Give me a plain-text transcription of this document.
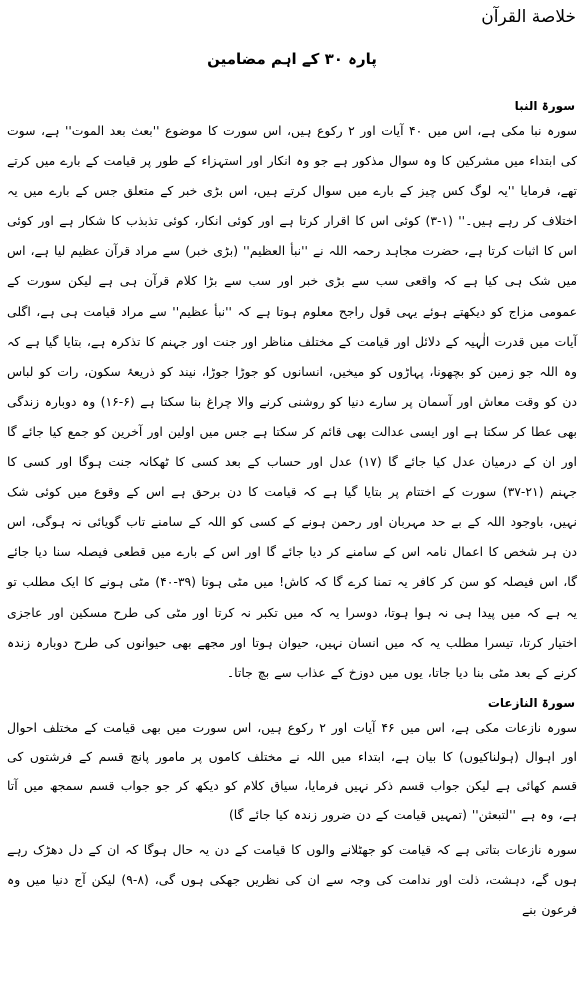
خلاصة القرآن
پارہ ۳۰ کے اہم مضامین
سورۃ النبا

سورہ نبا مکی ہے، اس میں ۴۰ آیات اور ۲ رکوع ہیں، اس سورت کا موضوع ''بعث بعد الموت'' ہے، سوت کی ابتداء میں مشرکین کا وہ سوال مذکور ہے جو وہ انکار اور استہزاء کے طور پر قیامت کے بارے میں کرتے تھے، فرمایا ''یہ لوگ کس چیز کے بارے میں سوال کرتے ہیں، اس بڑی خبر کے متعلق جس کے بارے میں یہ اختلاف کر رہے ہیں۔'' (۱-۳) کوئی اس کا اقرار کرتا ہے اور کوئی انکار، کوئی تذبذب کا شکار ہے اور کوئی اس کا اثبات کرتا ہے، حضرت مجاہد رحمہ اللہ نے ''نبأ العظیم'' (بڑی خبر) سے مراد قرآن عظیم لیا ہے، اس میں شک ہی کیا ہے کہ واقعی سب سے بڑی خبر اور سب سے بڑا کلام قرآن ہی ہے لیکن سورت کے عمومی مزاج کو دیکھتے ہوئے یہی قول راجح معلوم ہوتا ہے کہ ''نبأ عظیم'' سے مراد قیامت ہی ہے، اگلی آیات میں قدرت الٰہیہ کے دلائل اور قیامت کے مختلف مناظر اور جنت اور جہنم کا تذکرہ ہے، بتایا گیا ہے کہ وہ اللہ جو زمین کو بچھونا، پہاڑوں کو میخیں، انسانوں کو جوڑا جوڑا، نیند کو ذریعۂ سکون، رات کو لباس دن کو وقت معاش اور آسمان پر سارے دنیا کو روشنی کرنے والا چراغ بنا سکتا ہے (۶-۱۶) وہ دوبارہ زندگی بھی عطا کر سکتا ہے اور ایسی عدالت بھی قائم کر سکتا ہے جس میں اولین اور آخرین کو جمع کیا جائے گا اور ان کے درمیان عدل کیا جائے گا (۱۷) عدل اور حساب کے بعد کسی کا ٹھکانہ جنت ہوگا اور کسی کا جہنم (۲۱-۳۷) سورت کے اختتام پر بتایا گیا ہے کہ قیامت کا دن برحق ہے اس کے وقوع میں کوئی شک نہیں، باوجود اللہ کے بے حد مہربان اور رحمن ہونے کے کسی کو اللہ کے سامنے تاب گویائی نہ ہوگی، اس دن ہر شخص کا اعمال نامہ اس کے سامنے کر دیا جائے گا اور اس کے بارے میں قطعی فیصلہ سنا دیا جائے گا، اس فیصلہ کو سن کر کافر یہ تمنا کرے گا کہ کاش! میں مٹی ہوتا (۳۹-۴۰) مٹی ہونے کا ایک مطلب تو یہ ہے کہ میں پیدا ہی نہ ہوا ہوتا، دوسرا یہ کہ میں تکبر نہ کرتا اور مٹی کی طرح مسکین اور عاجزی اختیار کرتا، تیسرا مطلب یہ کہ میں انسان نہیں، حیوان ہوتا اور مجھے بھی حیوانوں کی طرح دوبارہ زندہ کرنے کے بعد مٹی بنا دیا جاتا، یوں میں دوزخ کے عذاب سے بچ جاتا۔

سورۃ النازعات

سورہ نازعات مکی ہے، اس میں ۴۶ آیات اور ۲ رکوع ہیں، اس سورت میں بھی قیامت کے مختلف احوال اور اہوال (ہولناکیوں) کا بیان ہے، ابتداء میں اللہ نے مختلف کاموں پر مامور پانچ قسم کے فرشتوں کی قسم کھائی ہے لیکن جواب قسم ذکر نہیں فرمایا، سیاق کلام کو دیکھ کر جو جواب قسم سمجھ میں آتا ہے، وہ ہے ''لتبعثن'' (تمہیں قیامت کے دن ضرور زندہ کیا جائے گا)

سورہ نازعات بتاتی ہے کہ قیامت کو جھٹلانے والوں کا قیامت کے دن یہ حال ہوگا کہ ان کے دل دھڑک رہے ہوں گے، دہشت، ذلت اور ندامت کی وجہ سے ان کی نظریں جھکی ہوں گی، (۸-۹) لیکن آج دنیا میں وہ فرعون بنے
